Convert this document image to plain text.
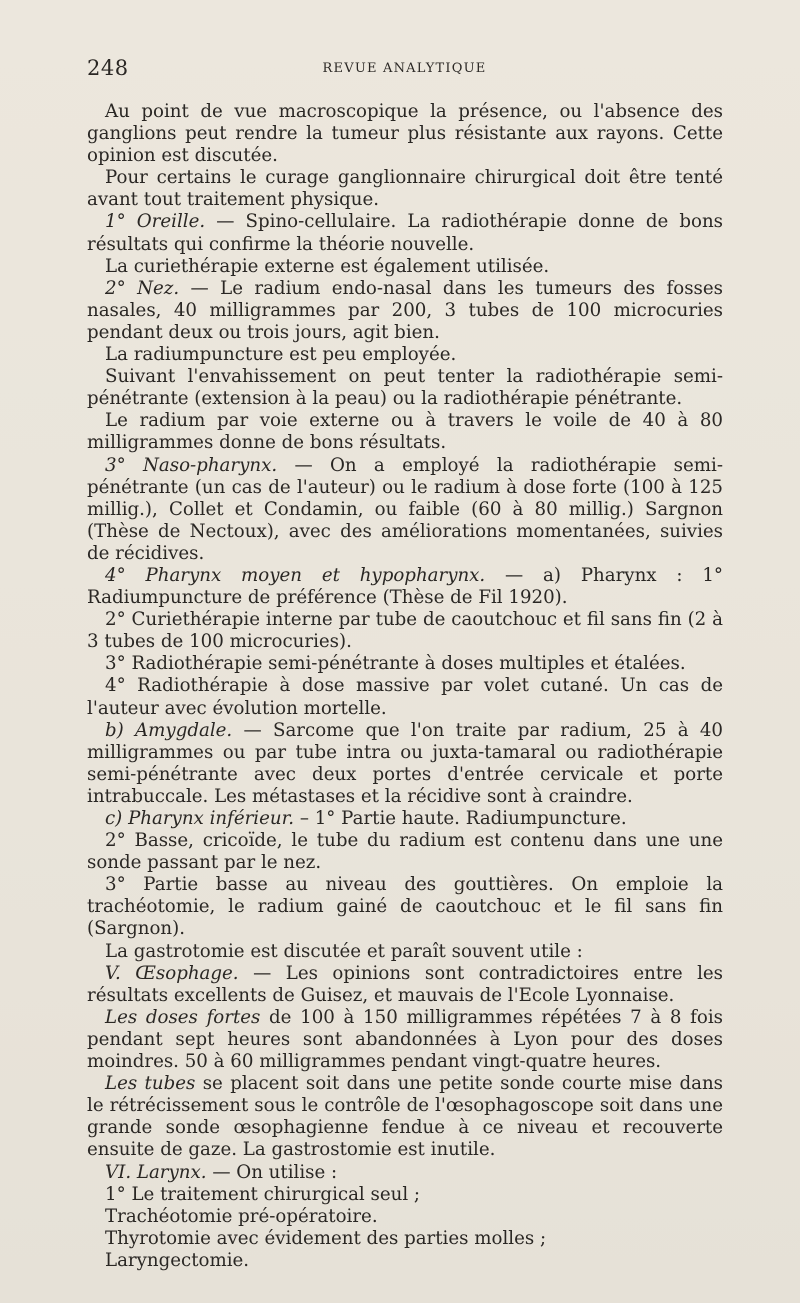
248	REVUE ANALYTIQUE

Au point de vue macroscopique la présence, ou l'absence des ganglions peut rendre la tumeur plus résistante aux rayons. Cette opinion est discutée.

Pour certains le curage ganglionnaire chirurgical doit être tenté avant tout traitement physique.

1° Oreille. — Spino-cellulaire. La radiothérapie donne de bons résultats qui confirme la théorie nouvelle.

La curiethérapie externe est également utilisée.

2° Nez. — Le radium endo-nasal dans les tumeurs des fosses nasales, 40 milligrammes par 200, 3 tubes de 100 microcuries pendant deux ou trois jours, agit bien.

La radiumpuncture est peu employée.

Suivant l'envahissement on peut tenter la radiothérapie semi-pénétrante (extension à la peau) ou la radiothérapie pénétrante.

Le radium par voie externe ou à travers le voile de 40 à 80 milligrammes donne de bons résultats.

3° Naso-pharynx. — On a employé la radiothérapie semi-pénétrante (un cas de l'auteur) ou le radium à dose forte (100 à 125 millig.), Collet et Condamin, ou faible (60 à 80 millig.) Sargnon (Thèse de Nectoux), avec des améliorations momentanées, suivies de récidives.

4° Pharynx moyen et hypopharynx. — a) Pharynx : 1° Radiumpuncture de préférence (Thèse de Fil 1920).

2° Curiethérapie interne par tube de caoutchouc et fil sans fin (2 à 3 tubes de 100 microcuries).

3° Radiothérapie semi-pénétrante à doses multiples et étalées.

4° Radiothérapie à dose massive par volet cutané. Un cas de l'auteur avec évolution mortelle.

b) Amygdale. — Sarcome que l'on traite par radium, 25 à 40 milligrammes ou par tube intra ou juxta-tamaral ou radiothérapie semi-pénétrante avec deux portes d'entrée cervicale et porte intrabuccale. Les métastases et la récidive sont à craindre.

c) Pharynx inférieur. – 1° Partie haute. Radiumpuncture.

2° Basse, cricoïde, le tube du radium est contenu dans une une sonde passant par le nez.

3° Partie basse au niveau des gouttières. On emploie la trachéotomie, le radium gainé de caoutchouc et le fil sans fin (Sargnon).

La gastrotomie est discutée et paraît souvent utile :

V. Œsophage. — Les opinions sont contradictoires entre les résultats excellents de Guisez, et mauvais de l'Ecole Lyonnaise.

Les doses fortes de 100 à 150 milligrammes répétées 7 à 8 fois pendant sept heures sont abandonnées à Lyon pour des doses moindres. 50 à 60 milligrammes pendant vingt-quatre heures.

Les tubes se placent soit dans une petite sonde courte mise dans le rétrécissement sous le contrôle de l'œsophagoscope soit dans une grande sonde œsophagienne fendue à ce niveau et recouverte ensuite de gaze. La gastrostomie est inutile.

VI. Larynx. — On utilise :

1° Le traitement chirurgical seul ;

Trachéotomie pré-opératoire.

Thyrotomie avec évidement des parties molles ;

Laryngectomie.
